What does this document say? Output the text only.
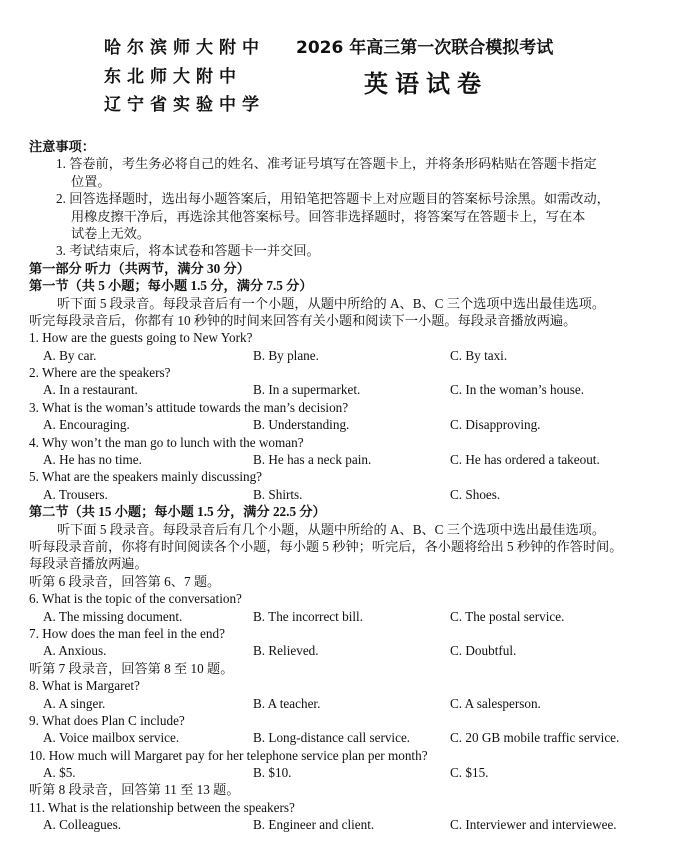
哈尔滨师大附中
东北师大附中
辽宁省实验中学
2026 年高三第一次联合模拟考试
英语试卷
注意事项：
1. 答卷前，考生务必将自己的姓名、准考证号填写在答题卡上，并将条形码粘贴在答题卡指定
位置。
2. 回答选择题时，选出每小题答案后，用铅笔把答题卡上对应题目的答案标号涂黑。如需改动，
用橡皮擦干净后，再选涂其他答案标号。回答非选择题时，将答案写在答题卡上，写在本
试卷上无效。
3. 考试结束后，将本试卷和答题卡一并交回。
第一部分 听力（共两节，满分 30 分）
第一节（共 5 小题；每小题 1.5 分，满分 7.5 分）
听下面 5 段录音。每段录音后有一个小题，从题中所给的 A、B、C 三个选项中选出最佳选项。
听完每段录音后，你都有 10 秒钟的时间来回答有关小题和阅读下一小题。每段录音播放两遍。
1. How are the guests going to New York?
A. By car.	B. By plane.	C. By taxi.
2. Where are the speakers?
A. In a restaurant.	B. In a supermarket.	C. In the woman’s house.
3. What is the woman’s attitude towards the man’s decision?
A. Encouraging.	B. Understanding.	C. Disapproving.
4. Why won’t the man go to lunch with the woman?
A. He has no time.	B. He has a neck pain.	C. He has ordered a takeout.
5. What are the speakers mainly discussing?
A. Trousers.	B. Shirts.	C. Shoes.
第二节（共 15 小题；每小题 1.5 分，满分 22.5 分）
听下面 5 段录音。每段录音后有几个小题，从题中所给的 A、B、C 三个选项中选出最佳选项。
听每段录音前，你将有时间阅读各个小题，每小题 5 秒钟；听完后，各小题将给出 5 秒钟的作答时间。
每段录音播放两遍。
听第 6 段录音，回答第 6、7 题。
6. What is the topic of the conversation?
A. The missing document.	B. The incorrect bill.	C. The postal service.
7. How does the man feel in the end?
A. Anxious.	B. Relieved.	C. Doubtful.
听第 7 段录音，回答第 8 至 10 题。
8. What is Margaret?
A. A singer.	B. A teacher.	C. A salesperson.
9. What does Plan C include?
A. Voice mailbox service.	B. Long-distance call service.	C. 20 GB mobile traffic service.
10. How much will Margaret pay for her telephone service plan per month?
A. $5.	B. $10.	C. $15.
听第 8 段录音，回答第 11 至 13 题。
11. What is the relationship between the speakers?
A. Colleagues.	B. Engineer and client.	C. Interviewer and interviewee.
